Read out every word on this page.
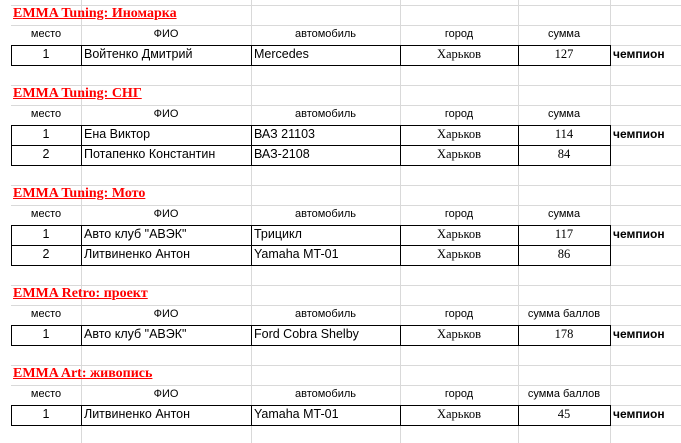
EMMA Tuning: Иномарка
место	ФИО	автомобиль	город	сумма
1	Войтенко Дмитрий	Mercedes	Харьков	127	чемпион
EMMA Tuning: СНГ
место	ФИО	автомобиль	город	сумма
1	Ена Виктор	ВАЗ 21103	Харьков	114	чемпион
2	Потапенко Константин	ВАЗ-2108	Харьков	84
EMMA Tuning: Мото
место	ФИО	автомобиль	город	сумма
1	Авто клуб "АВЭК"	Трицикл	Харьков	117	чемпион
2	Литвиненко Антон	Yamaha MT-01	Харьков	86
EMMA Retro: проект
место	ФИО	автомобиль	город	сумма баллов
1	Авто клуб "АВЭК"	Ford Cobra Shelby	Харьков	178	чемпион
EMMA Art: живопись
место	ФИО	автомобиль	город	сумма баллов
1	Литвиненко Антон	Yamaha MT-01	Харьков	45	чемпион
